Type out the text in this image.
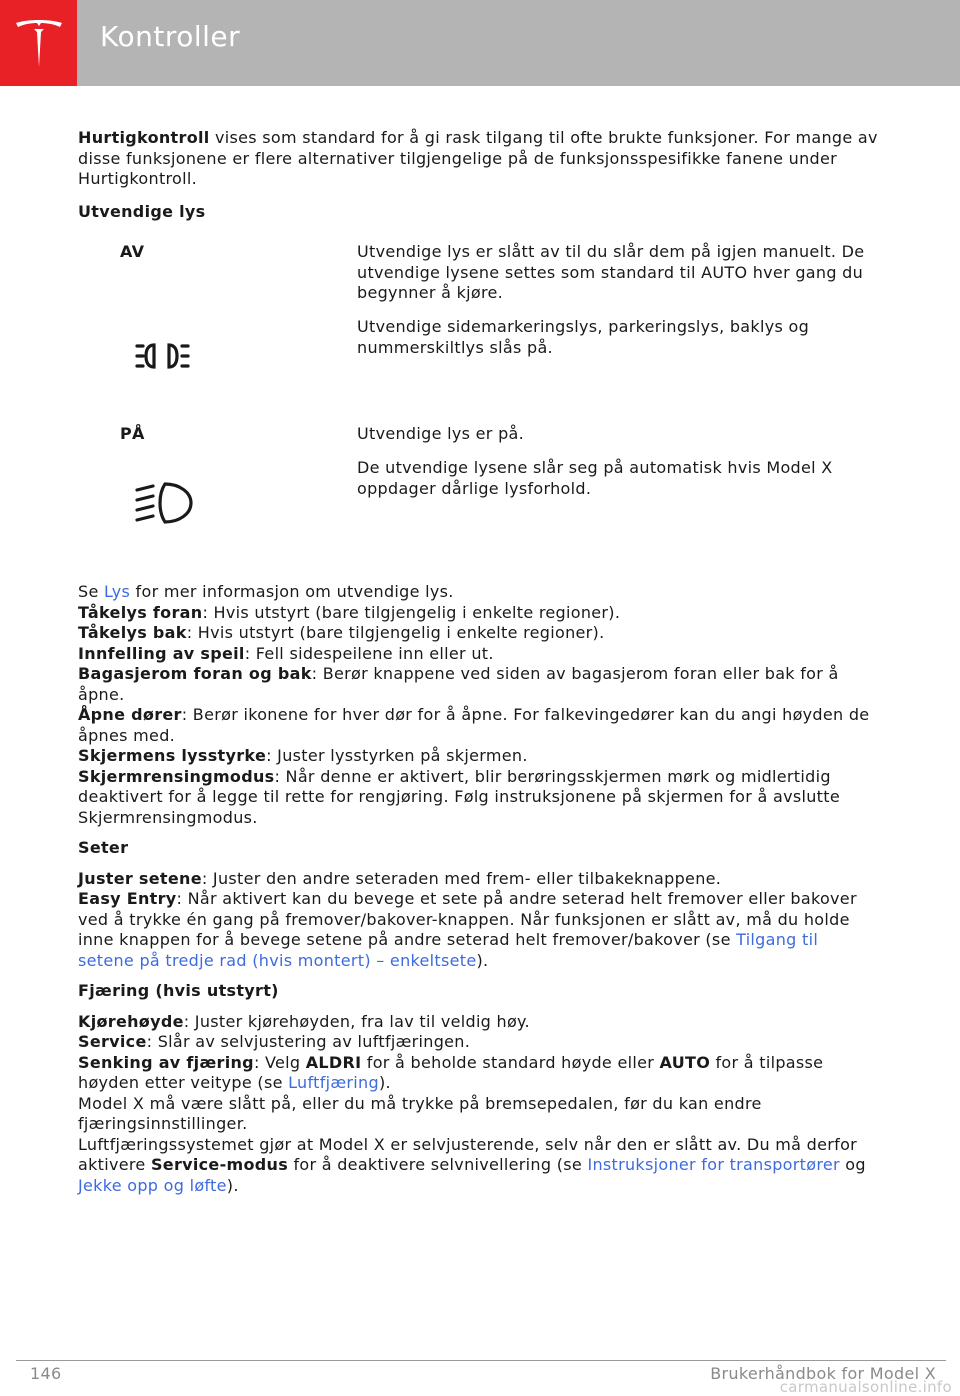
Kontroller

Hurtigkontroll vises som standard for å gi rask tilgang til ofte brukte funksjoner. For mange av disse funksjonene er flere alternativer tilgjengelige på de funksjonsspesifikke fanene under Hurtigkontroll.

Utvendige lys

AV	Utvendige lys er slått av til du slår dem på igjen manuelt. De utvendige lysene settes som standard til AUTO hver gang du begynner å kjøre.
Utvendige sidemarkeringslys, parkeringslys, baklys og nummerskiltlys slås på.
PÅ	Utvendige lys er på.
De utvendige lysene slår seg på automatisk hvis Model X oppdager dårlige lysforhold.

Se Lys for mer informasjon om utvendige lys.

Tåkelys foran: Hvis utstyrt (bare tilgjengelig i enkelte regioner).

Tåkelys bak: Hvis utstyrt (bare tilgjengelig i enkelte regioner).

Innfelling av speil: Fell sidespeilene inn eller ut.

Bagasjerom foran og bak: Berør knappene ved siden av bagasjerom foran eller bak for å åpne.

Åpne dører: Berør ikonene for hver dør for å åpne. For falkevingedører kan du angi høyden de åpnes med.

Skjermens lysstyrke: Juster lysstyrken på skjermen.

Skjermrensingmodus: Når denne er aktivert, blir berøringsskjermen mørk og midlertidig deaktivert for å legge til rette for rengjøring. Følg instruksjonene på skjermen for å avslutte Skjermrensingmodus.

Seter

Juster setene: Juster den andre seteraden med frem- eller tilbakeknappene.

Easy Entry: Når aktivert kan du bevege et sete på andre seterad helt fremover eller bakover ved å trykke én gang på fremover/bakover-knappen. Når funksjonen er slått av, må du holde inne knappen for å bevege setene på andre seterad helt fremover/bakover (se Tilgang til setene på tredje rad (hvis montert) – enkeltsete).

Fjæring (hvis utstyrt)

Kjørehøyde: Juster kjørehøyden, fra lav til veldig høy.

Service: Slår av selvjustering av luftfjæringen.

Senking av fjæring: Velg ALDRI for å beholde standard høyde eller AUTO for å tilpasse høyden etter veitype (se Luftfjæring).

Model X må være slått på, eller du må trykke på bremsepedalen, før du kan endre fjæringsinnstillinger.

Luftfjæringssystemet gjør at Model X er selvjusterende, selv når den er slått av. Du må derfor aktivere Service-modus for å deaktivere selvnivellering (se Instruksjoner for transportører og Jekke opp og løfte).

146	Brukerhåndbok for Model X
carmanualsonline.info
